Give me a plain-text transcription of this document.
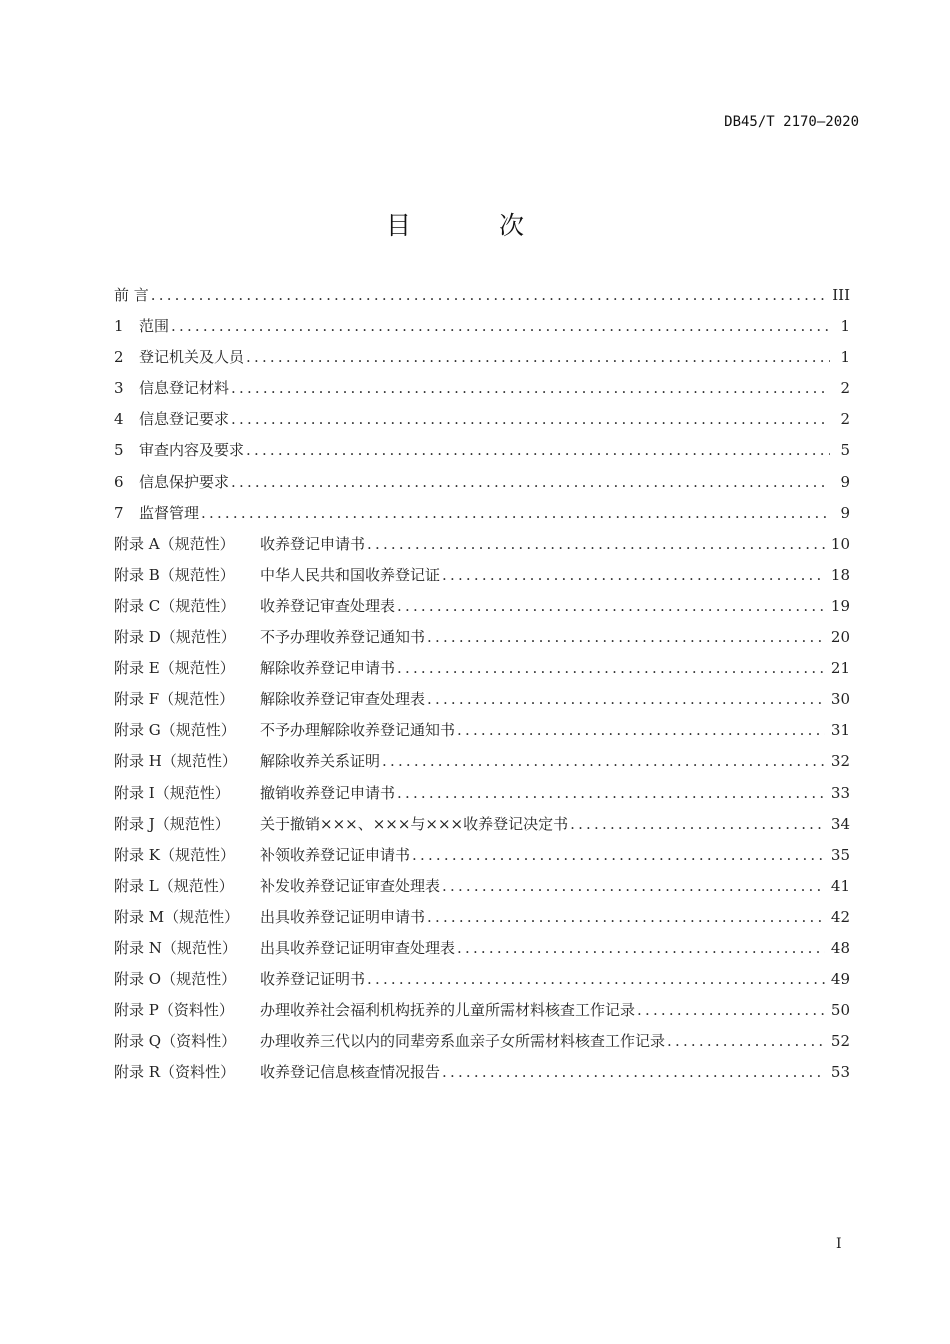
DB45/T 2170—2020
目 次
前 言 .....	III
1	范围 .....	1
2	登记机关及人员 .....	1
3	信息登记材料 .....	2
4	信息登记要求 .....	2
5	审查内容及要求 .....	5
6	信息保护要求 .....	9
7	监督管理 .....	9
附录 A（规范性）	收养登记申请书 .....	10
附录 B（规范性）	中华人民共和国收养登记证 .....	18
附录 C（规范性）	收养登记审查处理表 .....	19
附录 D（规范性）	不予办理收养登记通知书 .....	20
附录 E（规范性）	解除收养登记申请书 .....	21
附录 F（规范性）	解除收养登记审查处理表 .....	30
附录 G（规范性）	不予办理解除收养登记通知书 .....	31
附录 H（规范性）	解除收养关系证明 .....	32
附录 I（规范性）	撤销收养登记申请书 .....	33
附录 J（规范性）	关于撤销×××、×××与×××收养登记决定书 .....	34
附录 K（规范性）	补领收养登记证申请书 .....	35
附录 L（规范性）	补发收养登记证审查处理表 .....	41
附录 M（规范性）	出具收养登记证明申请书 .....	42
附录 N（规范性）	出具收养登记证明审查处理表 .....	48
附录 O（规范性）	收养登记证明书 .....	49
附录 P（资料性）	办理收养社会福利机构抚养的儿童所需材料核查工作记录 .....	50
附录 Q（资料性）	办理收养三代以内的同辈旁系血亲子女所需材料核查工作记录 .....	52
附录 R（资料性）	收养登记信息核查情况报告 .....	53
I
